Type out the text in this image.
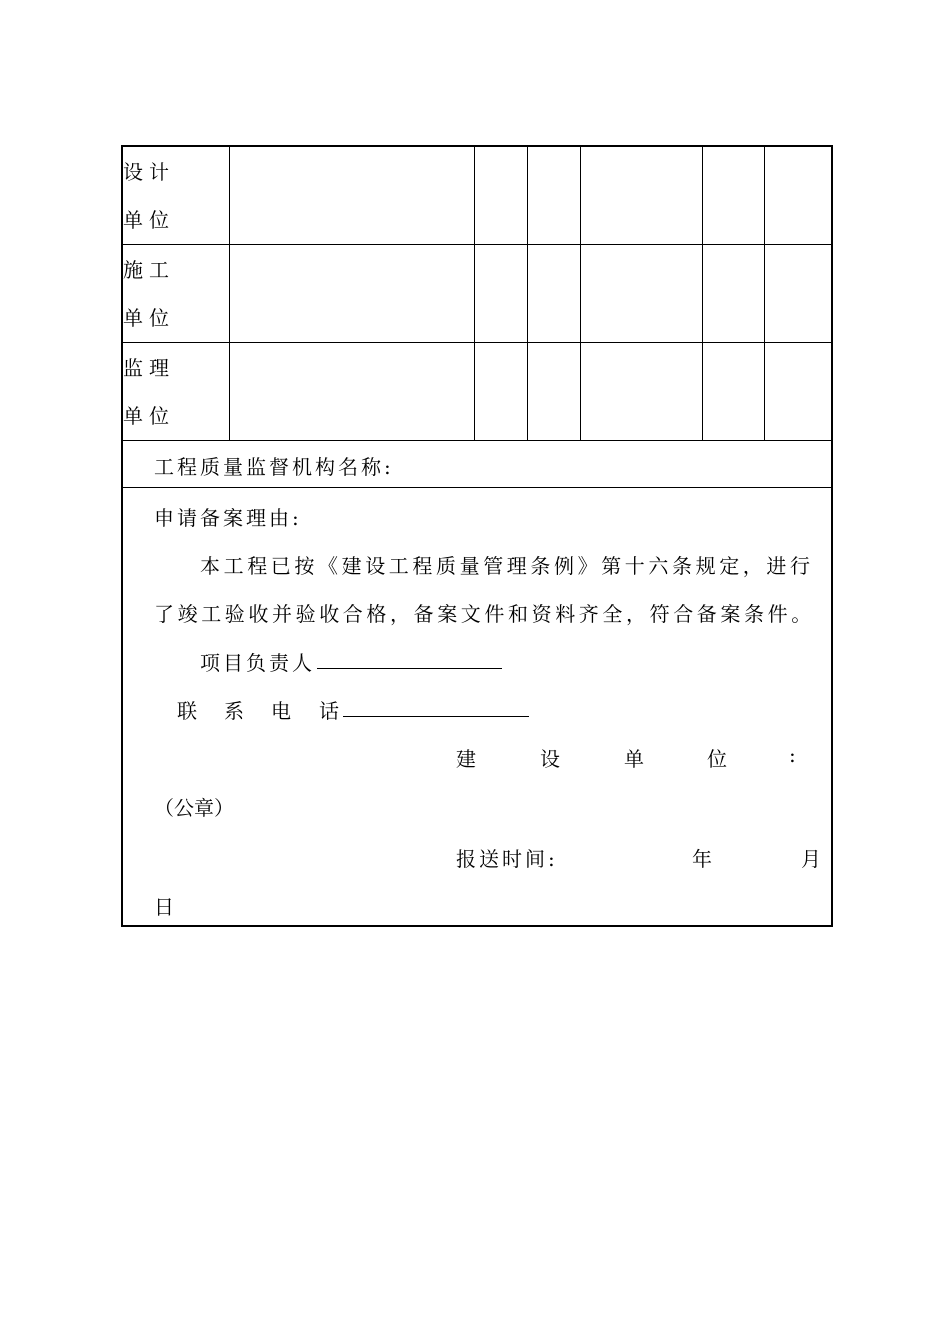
设计
单位						

施工
单位						

监理
单位						

工程质量监督机构名称:
申请备案理由:
本工程已按《建设工程质量管理条例》第十六条规定，进行
了竣工验收并验收合格，备案文件和资料齐全，符合备案条件。
项目负责人
联 系 电 话
建	设	单	位	:
（公章）
报送时间:	年	月
日
